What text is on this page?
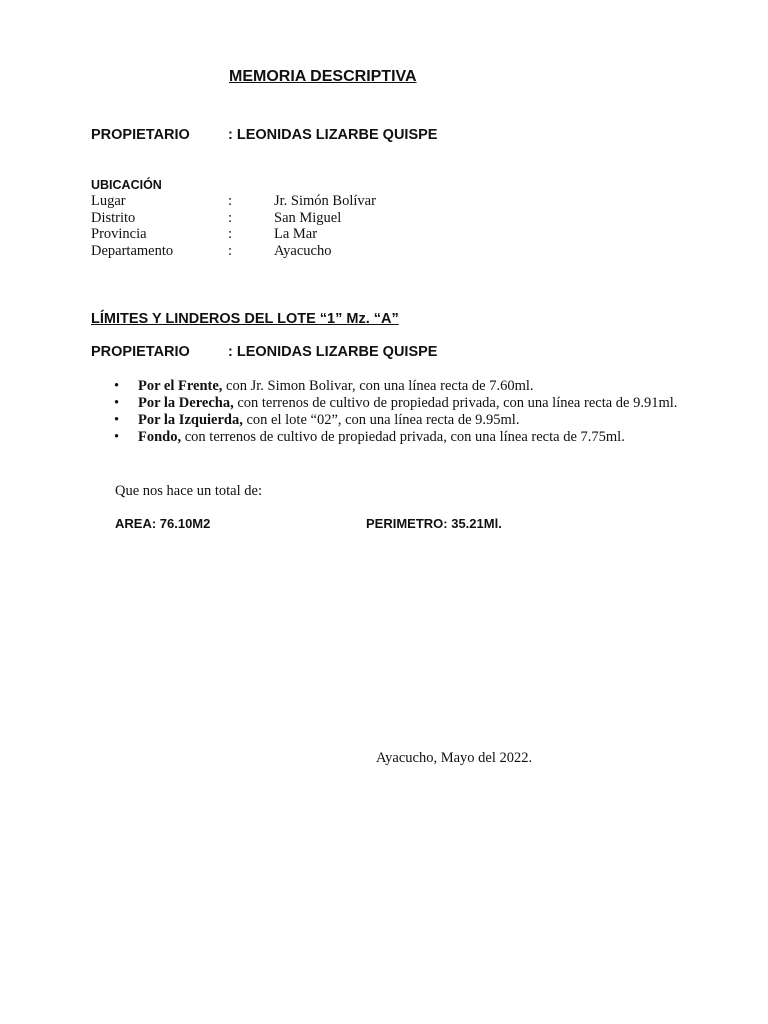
MEMORIA DESCRIPTIVA
PROPIETARIO	: LEONIDAS LIZARBE QUISPE
UBICACIÓN
Lugar	:	Jr. Simón Bolívar
Distrito	:	San Miguel
Provincia	:	La Mar
Departamento	:	Ayacucho
LÍMITES Y LINDEROS DEL LOTE “1” Mz. “A”
PROPIETARIO	: LEONIDAS LIZARBE QUISPE
• Por el Frente, con Jr. Simon Bolivar, con una línea recta de 7.60ml.
• Por la Derecha, con terrenos de cultivo de propiedad privada, con una línea recta de 9.91ml.
• Por la Izquierda, con el lote “02”, con una línea recta de 9.95ml.
• Fondo, con terrenos de cultivo de propiedad privada, con una línea recta de 7.75ml.
Que nos hace un total de:
AREA: 76.10M2	PERIMETRO: 35.21Ml.
Ayacucho, Mayo del 2022.
